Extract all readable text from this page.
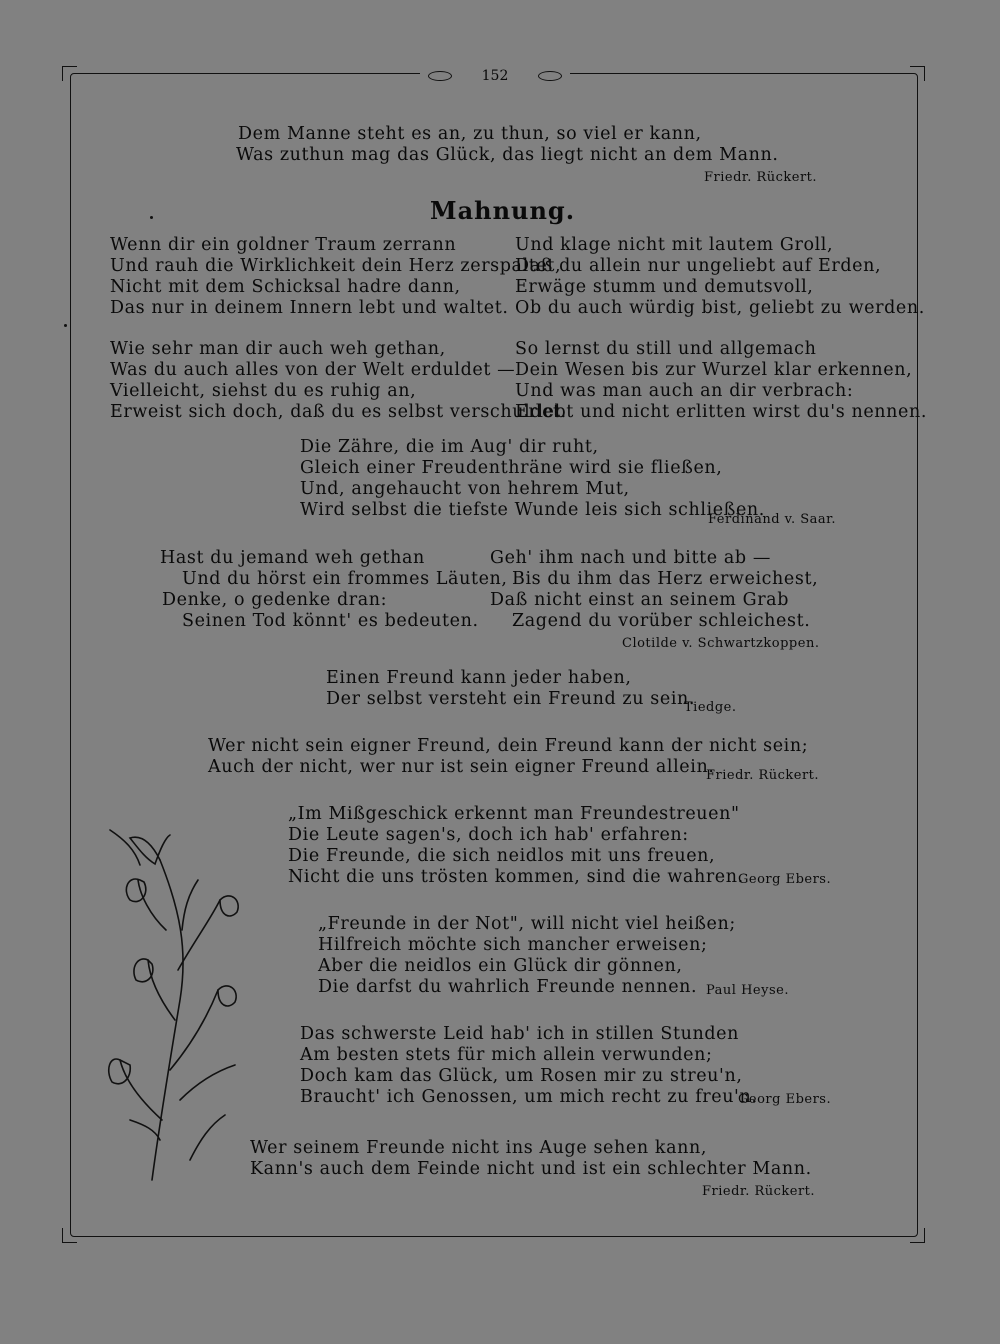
152
Dem Manne steht es an, zu thun, so viel er kann,
Was zuthun mag das Glück, das liegt nicht an dem Mann.
Friedr. Rückert.
Mahnung.
Wenn dir ein goldner Traum zerrann
Und rauh die Wirklichkeit dein Herz zerspaltet,
Nicht mit dem Schicksal hadre dann,
Das nur in deinem Innern lebt und waltet.
Wie sehr man dir auch weh gethan,
Was du auch alles von der Welt erduldet —
Vielleicht, siehst du es ruhig an,
Erweist sich doch, daß du es selbst verschuldet.
Und klage nicht mit lautem Groll,
Daß du allein nur ungeliebt auf Erden,
Erwäge stumm und demutsvoll,
Ob du auch würdig bist, geliebt zu werden.
So lernst du still und allgemach
Dein Wesen bis zur Wurzel klar erkennen,
Und was man auch an dir verbrach:
Erlebt und nicht erlitten wirst du's nennen.
Die Zähre, die im Aug' dir ruht,
Gleich einer Freudenthräne wird sie fließen,
Und, angehaucht von hehrem Mut,
Wird selbst die tiefste Wunde leis sich schließen.
Ferdinand v. Saar.
Hast du jemand weh gethan
Und du hörst ein frommes Läuten,
Denke, o gedenke dran:
Seinen Tod könnt' es bedeuten.
Geh' ihm nach und bitte ab —
Bis du ihm das Herz erweichest,
Daß nicht einst an seinem Grab
Zagend du vorüber schleichest.
Clotilde v. Schwartzkoppen.
Einen Freund kann jeder haben,
Der selbst versteht ein Freund zu sein.
Tiedge.
Wer nicht sein eigner Freund, dein Freund kann der nicht sein;
Auch der nicht, wer nur ist sein eigner Freund allein.
Friedr. Rückert.
„Im Mißgeschick erkennt man Freundestreuen"
Die Leute sagen's, doch ich hab' erfahren:
Die Freunde, die sich neidlos mit uns freuen,
Nicht die uns trösten kommen, sind die wahren.
Georg Ebers.
„Freunde in der Not", will nicht viel heißen;
Hilfreich möchte sich mancher erweisen;
Aber die neidlos ein Glück dir gönnen,
Die darfst du wahrlich Freunde nennen. Paul Heyse.
Das schwerste Leid hab' ich in stillen Stunden
Am besten stets für mich allein verwunden;
Doch kam das Glück, um Rosen mir zu streu'n,
Braucht' ich Genossen, um mich recht zu freu'n.
Georg Ebers.
Wer seinem Freunde nicht ins Auge sehen kann,
Kann's auch dem Feinde nicht und ist ein schlechter Mann.
Friedr. Rückert.
